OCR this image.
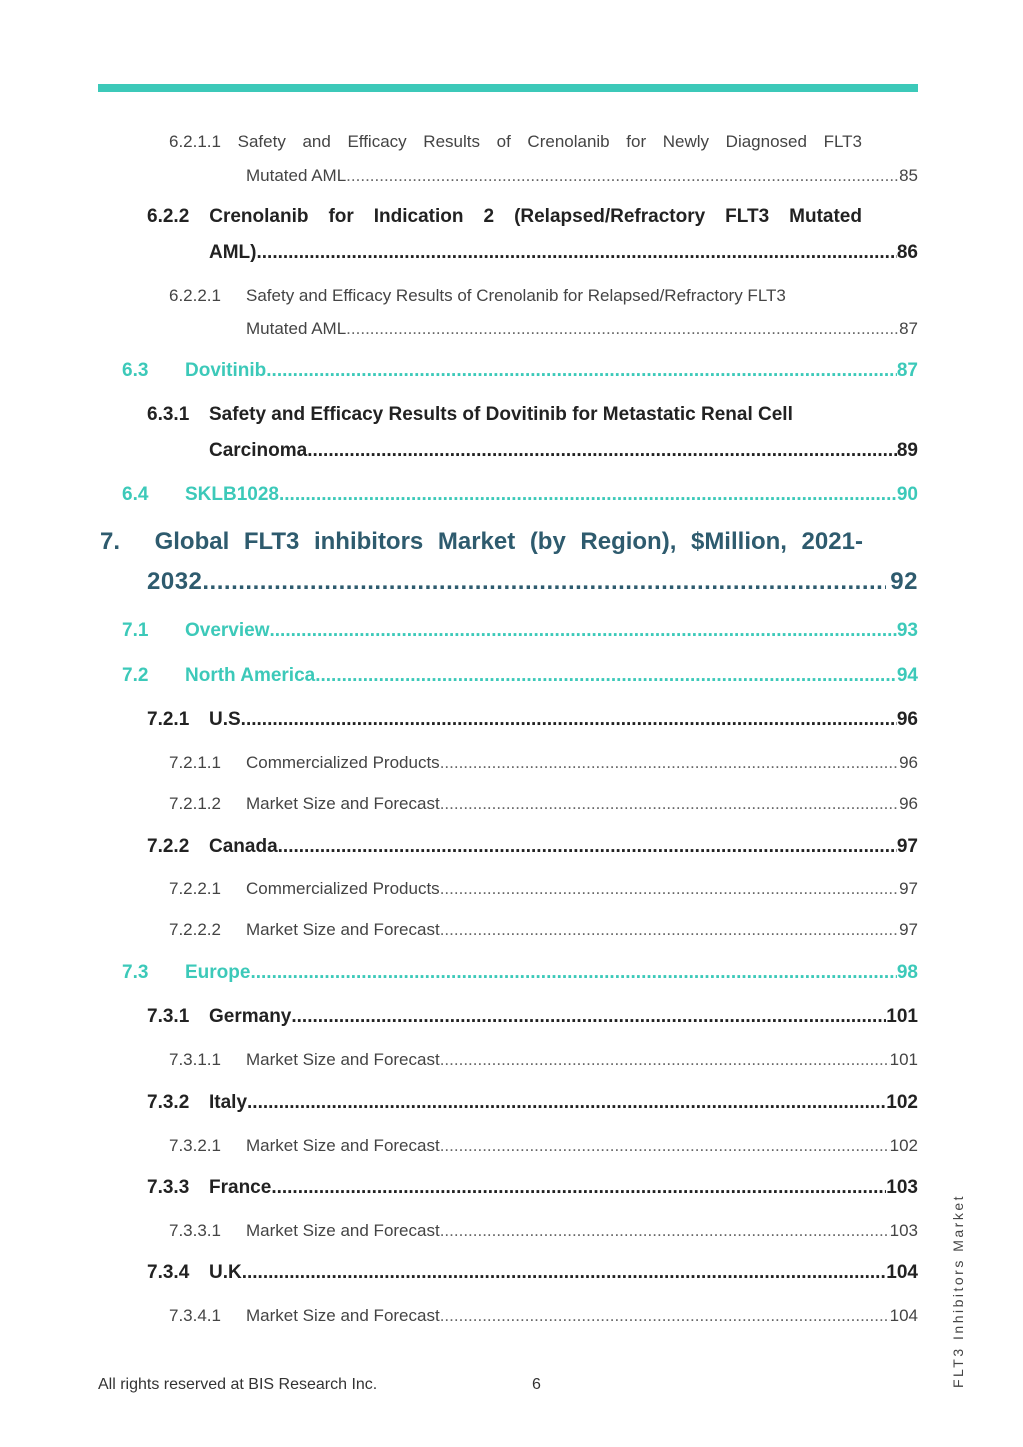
6.2.1.1 Safety and Efficacy Results of Crenolanib for Newly Diagnosed FLT3
Mutated AML .....	85
6.2.2 Crenolanib for Indication 2 (Relapsed/Refractory FLT3 Mutated
AML) .....	86
6.2.2.1 Safety and Efficacy Results of Crenolanib for Relapsed/Refractory FLT3
Mutated AML .....	87
6.3	Dovitinib .....	87
6.3.1 Safety and Efficacy Results of Dovitinib for Metastatic Renal Cell
Carcinoma .....	89
6.4	SKLB1028 .....	90
7.	Global FLT3 inhibitors Market (by Region), $Million, 2021-
2032 .....	92
7.1	Overview .....	93
7.2	North America .....	94
7.2.1	U.S. .....	96
7.2.1.1	Commercialized Products .....	96
7.2.1.2	Market Size and Forecast .....	96
7.2.2	Canada .....	97
7.2.2.1	Commercialized Products .....	97
7.2.2.2	Market Size and Forecast .....	97
7.3	Europe .....	98
7.3.1	Germany .....	101
7.3.1.1	Market Size and Forecast .....	101
7.3.2	Italy .....	102
7.3.2.1	Market Size and Forecast .....	102
7.3.3	France .....	103
7.3.3.1	Market Size and Forecast .....	103
7.3.4	U.K. .....	104
7.3.4.1	Market Size and Forecast .....	104
All rights reserved at BIS Research Inc.	6	FLT3 Inhibitors Market
